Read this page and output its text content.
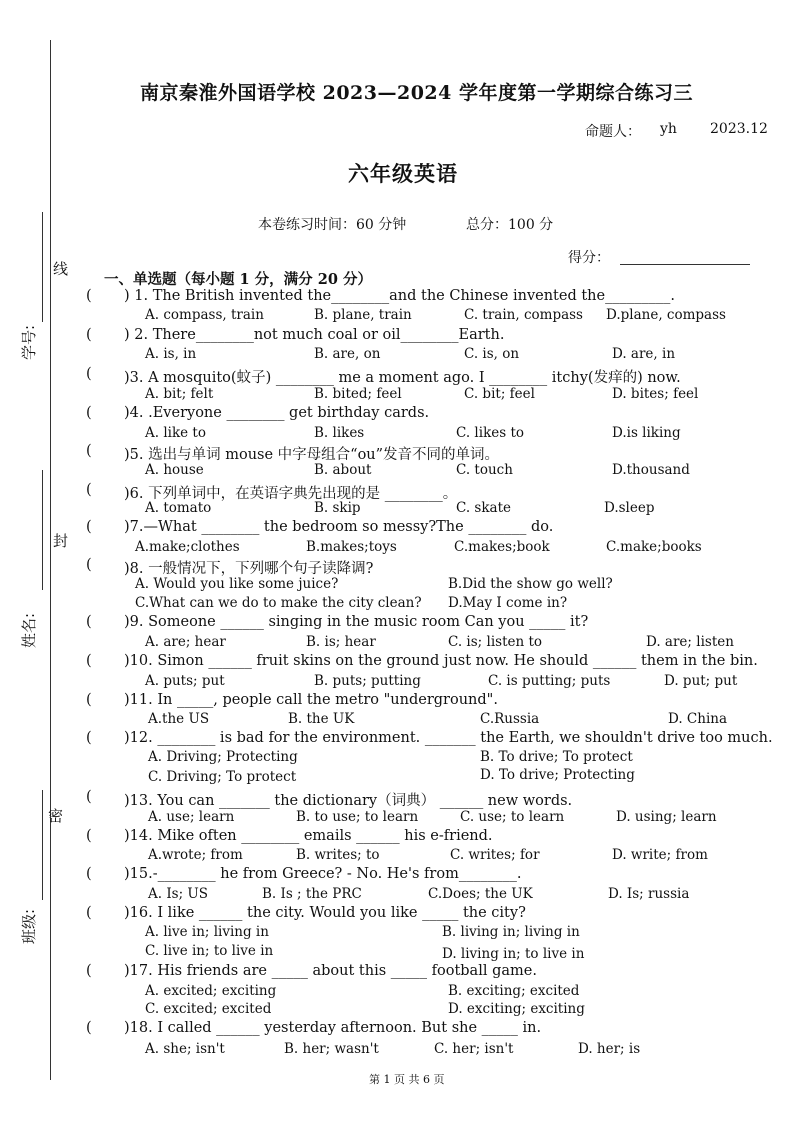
线
封
密
学号:
姓名:
班级:
南京秦淮外国语学校 2023—2024 学年度第一学期综合练习三
命题人： yh 2023.12
六年级英语
本卷练习时间：60 分钟	总分：100 分
得分：
一、单选题（每小题 1 分，满分 20 分）
( ) 1. The British invented the________and the Chinese invented the_________.
A. compass, train	B. plane, train	C. train, compass D.plane, compass
( ) 2. There________not much coal or oil________Earth.
A. is, in	B. are, on	C. is, on	D. are, in
( )3. A mosquito(蚊子) ________ me a moment ago. I ________ itchy(发痒的) now.
A. bit; felt	B. bited; feel	C. bit; feel	D. bites; feel
( )4. .Everyone ________ get birthday cards.
A. like to	B. likes	C. likes to	D.is liking
( )5. 选出与单词 mouse 中字母组合“ou”发音不同的单词。
A. house	B. about	C. touch	D.thousand
( )6. 下列单词中，在英语字典先出现的是 ________。
A. tomato	B. skip	C. skate	D.sleep
( )7.—What ________ the bedroom so messy?The ________ do.
A.make;clothes	B.makes;toys	C.makes;book	C.make;books
( )8. 一般情况下，下列哪个句子读降调?
A. Would you like some juice?	B.Did the show go well?
C.What can we do to make the city clean? D.May I come in?
( )9. Someone ______ singing in the music room Can you _____ it?
A. are; hear	B. is; hear	C. is; listen to	D. are; listen
( )10. Simon ______ fruit skins on the ground just now. He should ______ them in the bin.
A. puts; put	B. puts; putting	C. is putting; puts	D. put; put
( )11. In _____, people call the metro "underground".
A.the US	B. the UK	C.Russia	D. China
( )12. ________ is bad for the environment. _______ the Earth, we shouldn't drive too much.
A. Driving; Protecting	B. To drive; To protect
C. Driving; To protect	D. To drive; Protecting
( )13. You can _______ the dictionary（词典） ______ new words.
A. use; learn	B. to use; to learn	C. use; to learn	D. using; learn
( )14. Mike often ________ emails ______ his e-friend.
A.wrote; from	B. writes; to	C. writes; for	D. write; from
( )15.-________ he from Greece? - No. He's from________.
A. Is; US	B. Is ; the PRC	C.Does; the UK	D. Is; russia
( )16. I like ______ the city. Would you like _____ the city?
A. live in; living in	B. living in; living in
C. live in; to live in	D. living in; to live in
( )17. His friends are _____ about this _____ football game.
A. excited; exciting	B. exciting; excited
C. excited; excited	D. exciting; exciting
( )18. I called ______ yesterday afternoon. But she _____ in.
A. she; isn't	B. her; wasn't	C. her; isn't	D. her; is
第 1 页 共 6 页
